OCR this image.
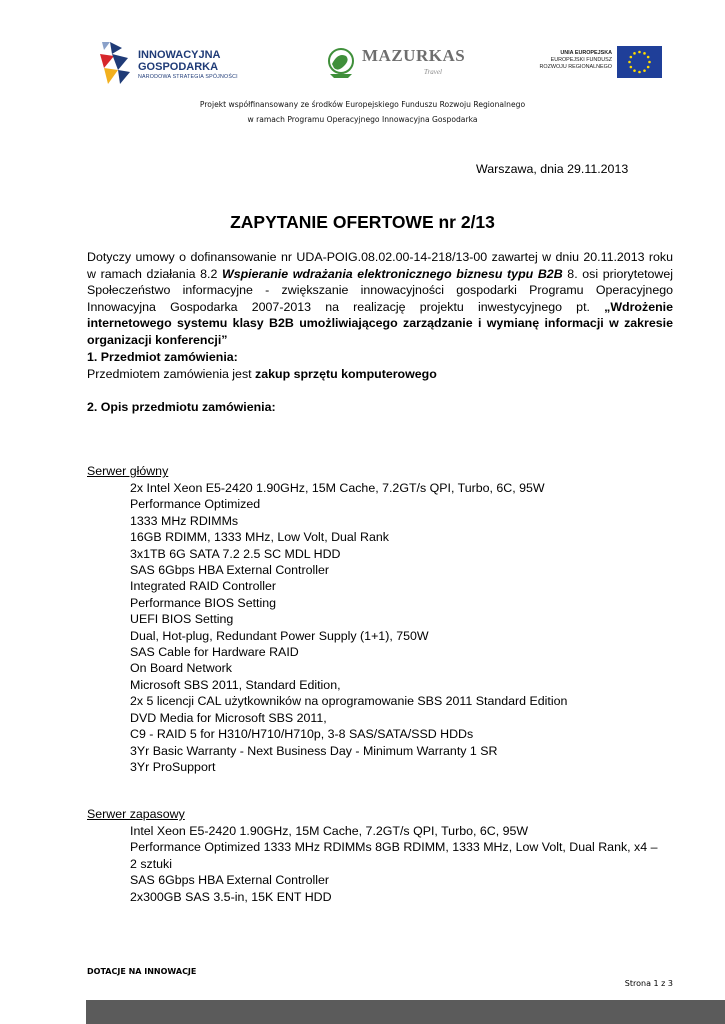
INNOWACYJNA
GOSPODARKA
NARODOWA STRATEGIA SPÓJNOŚCI
MAZURKAS
Travel
UNIA EUROPEJSKA
EUROPEJSKI FUNDUSZ
ROZWOJU REGIONALNEGO
Projekt współfinansowany ze środków Europejskiego Funduszu Rozwoju Regionalnego
w ramach Programu Operacyjnego Innowacyjna Gospodarka
Warszawa, dnia 29.11.2013
ZAPYTANIE OFERTOWE nr 2/13
Dotyczy umowy o dofinansowanie nr UDA-POIG.08.02.00-14-218/13-00 zawartej w dniu 20.11.2013 roku w ramach działania 8.2 Wspieranie wdrażania elektronicznego biznesu typu B2B 8. osi priorytetowej Społeczeństwo informacyjne - zwiększanie innowacyjności gospodarki Programu Operacyjnego Innowacyjna Gospodarka 2007-2013 na realizację projektu inwestycyjnego pt. „Wdrożenie internetowego systemu klasy B2B umożliwiającego zarządzanie i wymianę informacji w zakresie organizacji konferencji”
1. Przedmiot zamówienia:
Przedmiotem zamówienia jest zakup sprzętu komputerowego
2. Opis przedmiotu zamówienia:
Serwer główny
2x Intel Xeon E5-2420 1.90GHz, 15M Cache, 7.2GT/s QPI, Turbo, 6C, 95W
Performance Optimized
1333 MHz RDIMMs
16GB RDIMM, 1333 MHz, Low Volt, Dual Rank
3x1TB 6G SATA 7.2 2.5 SC MDL HDD
SAS 6Gbps HBA External Controller
Integrated RAID Controller
Performance BIOS Setting
UEFI BIOS Setting
Dual, Hot-plug, Redundant Power Supply (1+1), 750W
SAS Cable for Hardware RAID
On Board Network
Microsoft SBS 2011, Standard Edition,
2x 5 licencji CAL użytkowników na oprogramowanie SBS 2011 Standard Edition
DVD Media for Microsoft SBS 2011,
C9 - RAID 5 for H310/H710/H710p, 3-8 SAS/SATA/SSD HDDs
3Yr Basic Warranty - Next Business Day - Minimum Warranty 1 SR
3Yr ProSupport
Serwer zapasowy
Intel Xeon E5-2420 1.90GHz, 15M Cache, 7.2GT/s QPI, Turbo, 6C, 95W
Performance Optimized 1333 MHz RDIMMs 8GB RDIMM, 1333 MHz, Low Volt, Dual Rank, x4 – 2 sztuki
SAS 6Gbps HBA External Controller
2x300GB SAS 3.5-in, 15K ENT HDD
DOTACJE NA INNOWACJE
Strona 1 z 3
